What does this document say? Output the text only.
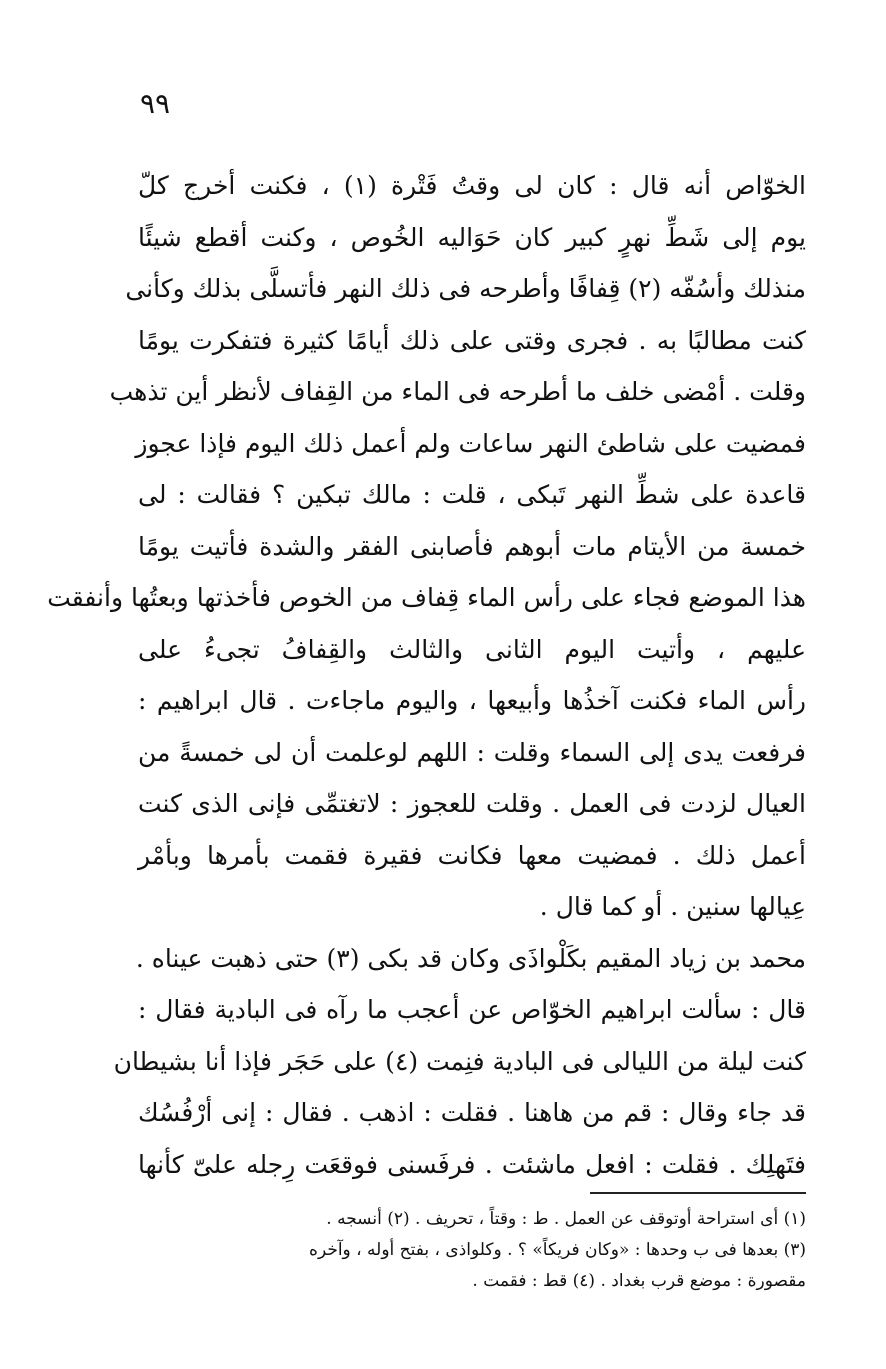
٩٩
الخوّاص أنه قال : كان لى وقتُ فَتْرة (١) ، فكنت أخرج كلّ
يوم إلى شَطِّ نهرٍ كبير كان حَوَاليه الخُوص ، وكنت أقطع شيئًا
منذلك وأسُفّه (٢) قِفافًا وأطرحه فى ذلك النهر فأتسلَّى بذلك وكأنى
كنت مطالبًا به . فجرى وقتى على ذلك أيامًا كثيرة فتفكرت يومًا
وقلت . أمْضى خلف ما أطرحه فى الماء من القِفاف لأنظر أين تذهب
فمضيت على شاطئ النهر ساعات ولم أعمل ذلك اليوم فإذا عجوز
قاعدة على شطِّ النهر تَبكى ، قلت : مالك تبكين ؟ فقالت : لى
خمسة من الأيتام مات أبوهم فأصابنى الفقر والشدة فأتيت يومًا
هذا الموضع فجاء على رأس الماء قِفاف من الخوص فأخذتها وبعتُها وأنفقت
عليهم ، وأتيت اليوم الثانى والثالث والقِفافُ تجىءُ على
رأس الماء فكنت آخذُها وأبيعها ، واليوم ماجاءت . قال ابراهيم :
فرفعت يدى إلى السماء وقلت : اللهم لوعلمت أن لى خمسةً من
العيال لزدت فى العمل . وقلت للعجوز : لاتغتمِّى فإنى الذى كنت
أعمل ذلك . فمضيت معها فكانت فقيرة فقمت بأمرها وبأمْر
عِيالها سنين . أو كما قال .
محمد بن زياد المقيم بكَلْواذَى وكان قد بكى (٣) حتى ذهبت عيناه .
قال : سألت ابراهيم الخوّاص عن أعجب ما رآه فى البادية فقال :
كنت ليلة من الليالى فى البادية فنِمت (٤) على حَجَر فإذا أنا بشيطان
قد جاء وقال : قم من هاهنا . فقلت : اذهب . فقال : إنى أرْفُسُك
فتَهلِك . فقلت : افعل ماشئت . فرفَسنى فوقعَت رِجله علىّ كأنها
(١) أى استراحة أوتوقف عن العمل . ط : وقتاً ، تحريف . (٢) أنسجه .
(٣) بعدها فى ب وحدها : «وكان فريكاً» ؟ . وكلواذى ، بفتح أوله ، وآخره
مقصورة : موضع قرب بغداد . (٤) قط : فقمت .
